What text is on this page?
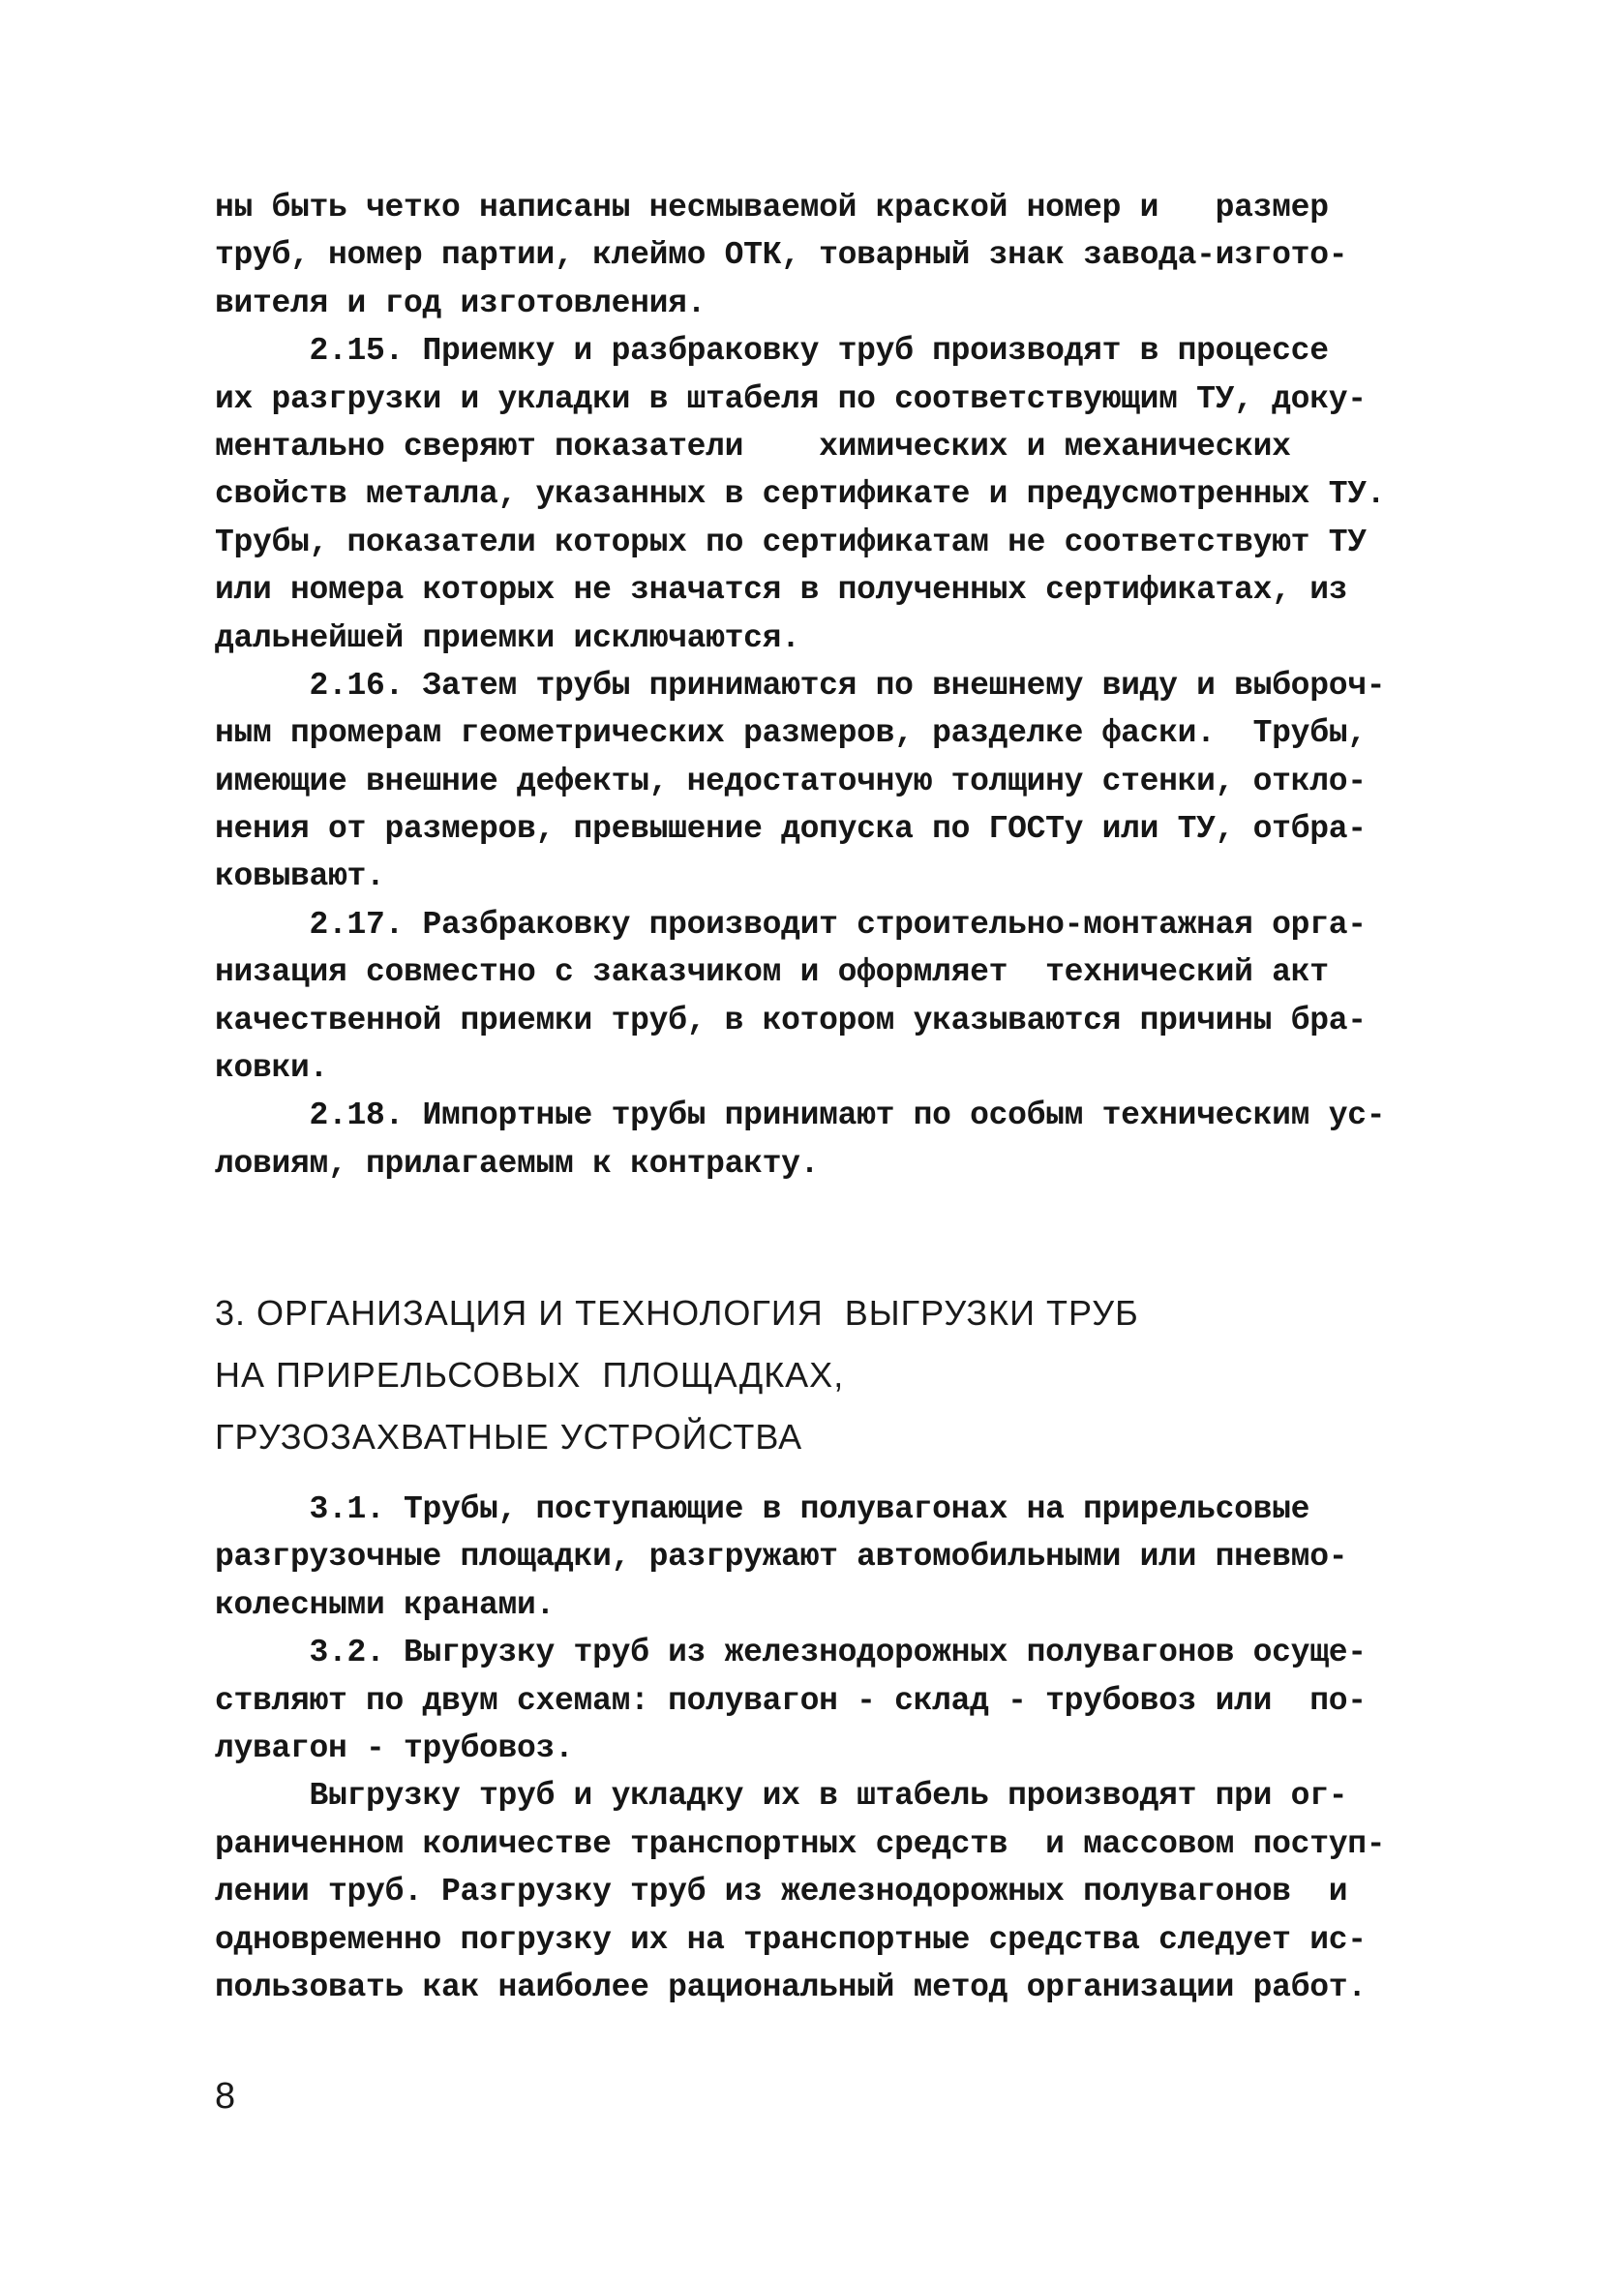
ны быть четко написаны несмываемой краской номер и   размер
труб, номер партии, клеймо ОТК, товарный знак завода-изгото-
вителя и год изготовления.
2.15. Приемку и разбраковку труб производят в процессе
их разгрузки и укладки в штабеля по соответствующим ТУ, доку-
ментально сверяют показатели    химических и механических
свойств металла, указанных в сертификате и предусмотренных ТУ.
Трубы, показатели которых по сертификатам не соответствуют ТУ
или номера которых не значатся в полученных сертификатах, из
дальнейшей приемки исключаются.
2.16. Затем трубы принимаются по внешнему виду и выбороч-
ным промерам геометрических размеров, разделке фаски.  Трубы,
имеющие внешние дефекты, недостаточную толщину стенки, откло-
нения от размеров, превышение допуска по ГОСТу или ТУ, отбра-
ковывают.
2.17. Разбраковку производит строительно-монтажная орга-
низация совместно с заказчиком и оформляет  технический акт
качественной приемки труб, в котором указываются причины бра-
ковки.
2.18. Импортные трубы принимают по особым техническим ус-
ловиям, прилагаемым к контракту.
3. ОРГАНИЗАЦИЯ И ТЕХНОЛОГИЯ  ВЫГРУЗКИ ТРУБ
НА ПРИРЕЛЬСОВЫХ  ПЛОЩАДКАХ,
ГРУЗОЗАХВАТНЫЕ УСТРОЙСТВА
3.1. Трубы, поступающие в полувагонах на прирельсовые
разгрузочные площадки, разгружают автомобильными или пневмо-
колесными кранами.
3.2. Выгрузку труб из железнодорожных полувагонов осуще-
ствляют по двум схемам: полувагон - склад - трубовоз или  по-
лувагон - трубовоз.
Выгрузку труб и укладку их в штабель производят при ог-
раниченном количестве транспортных средств  и массовом поступ-
лении труб. Разгрузку труб из железнодорожных полувагонов  и
одновременно погрузку их на транспортные средства следует ис-
пользовать как наиболее рациональный метод организации работ.
8
